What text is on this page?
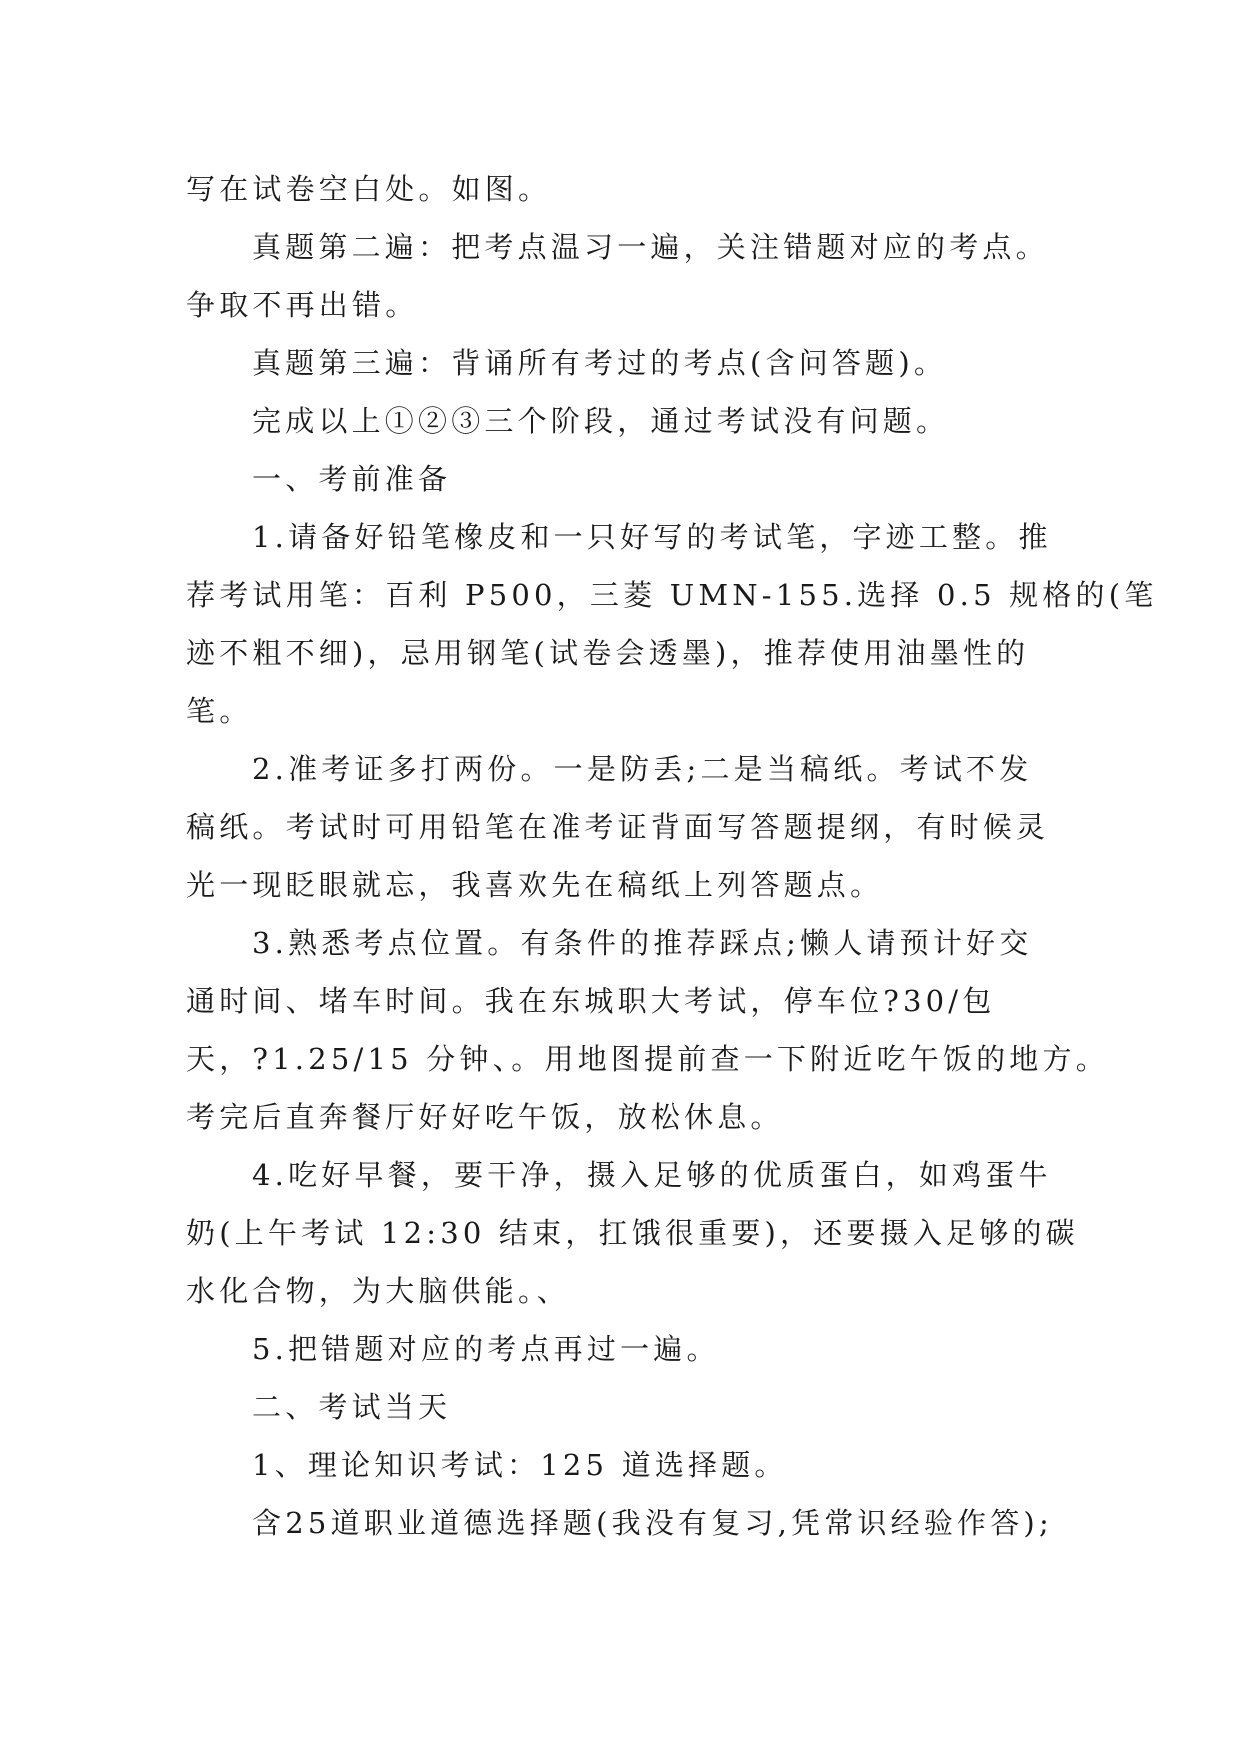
写在试卷空白处。如图。

真题第二遍：把考点温习一遍，关注错题对应的考点。

争取不再出错。

真题第三遍：背诵所有考过的考点(含问答题)。

完成以上①②③三个阶段，通过考试没有问题。

一、考前准备

1.请备好铅笔橡皮和一只好写的考试笔，字迹工整。推

荐考试用笔：百利 P500，三菱 UMN-155.选择 0.5 规格的(笔

迹不粗不细)，忌用钢笔(试卷会透墨)，推荐使用油墨性的

笔。

2.准考证多打两份。一是防丢;二是当稿纸。考试不发

稿纸。考试时可用铅笔在准考证背面写答题提纲，有时候灵

光一现眨眼就忘，我喜欢先在稿纸上列答题点。

3.熟悉考点位置。有条件的推荐踩点;懒人请预计好交

通时间、堵车时间。我在东城职大考试，停车位?30/包

天，?1.25/15 分钟、。用地图提前查一下附近吃午饭的地方。

考完后直奔餐厅好好吃午饭，放松休息。

4.吃好早餐，要干净，摄入足够的优质蛋白，如鸡蛋牛

奶(上午考试 12:30 结束，扛饿很重要)，还要摄入足够的碳

水化合物，为大脑供能。、

5.把错题对应的考点再过一遍。

二、考试当天

1、理论知识考试：125 道选择题。

含25道职业道德选择题(我没有复习,凭常识经验作答);
